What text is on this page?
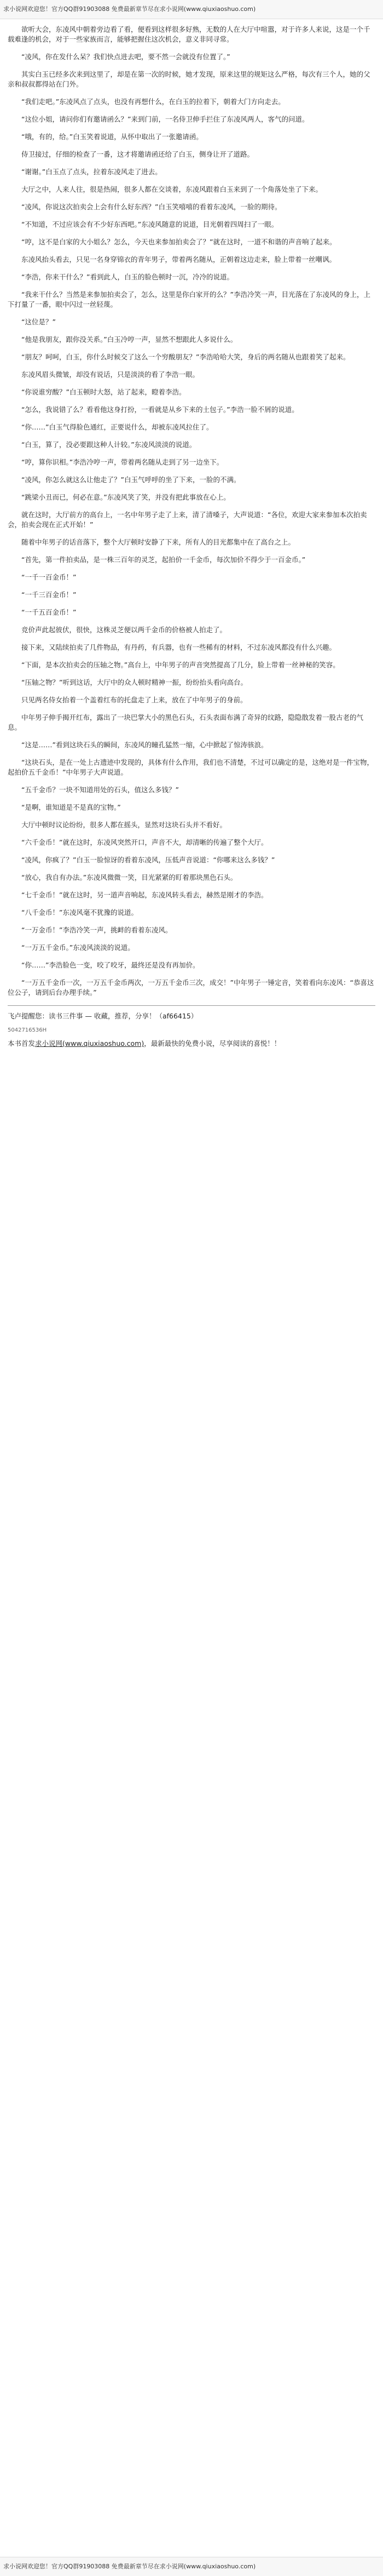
求小说网欢迎您！官方QQ群91903088 免费最新章节尽在求小说网(www.qiuxiaoshuo.com)

欲听大会，东凌风中朝着旁边看了看，便看到这样很多好熟，无数的人在大厅中喧嚣，对于许多人来说，这是一个千载难逢的机会，对于一些家族而言，能够把握住这次机会，意义非同寻常。

“凌风，你在发什么呆？我们快点进去吧，要不然一会就没有位置了。”

其实白玉已经多次来到这里了，却是在第一次的时候，她才发现，原来这里的规矩这么严格，每次有三个人，她的父亲和叔叔都得站在门外。

“我们走吧。”东凌风点了点头，也没有再想什么，在白玉的拉着下，朝着大门方向走去。

“这位小姐，请问你们有邀请函么？”来到门前，一名侍卫伸手拦住了东凌风两人，客气的问道。

“哦，有的，给。”白玉笑着说道，从怀中取出了一张邀请函。

侍卫接过，仔细的检查了一番，这才将邀请函还给了白玉，侧身让开了道路。

“谢谢。”白玉点了点头，拉着东凌风走了进去。

大厅之中，人来人往，很是热闹，很多人都在交谈着，东凌风跟着白玉来到了一个角落处坐了下来。

“凌风，你说这次拍卖会上会有什么好东西？”白玉笑嘻嘻的看着东凌风，一脸的期待。

“不知道，不过应该会有不少好东西吧。”东凌风随意的说道，目光朝着四周扫了一眼。

“哼，这不是白家的大小姐么？怎么，今天也来参加拍卖会了？”就在这时，一道不和谐的声音响了起来。

东凌风抬头看去，只见一名身穿锦衣的青年男子，带着两名随从，正朝着这边走来，脸上带着一丝嘲讽。

“李浩，你来干什么？”看到此人，白玉的脸色顿时一沉，冷冷的说道。

“我来干什么？当然是来参加拍卖会了，怎么，这里是你白家开的么？”李浩冷笑一声，目光落在了东凌风的身上，上下打量了一番，眼中闪过一丝轻蔑。

“这位是？”

“他是我朋友，跟你没关系。”白玉冷哼一声，显然不想跟此人多说什么。

“朋友？呵呵，白玉，你什么时候交了这么一个穷酸朋友？”李浩哈哈大笑，身后的两名随从也跟着笑了起来。

东凌风眉头微皱，却没有说话，只是淡淡的看了李浩一眼。

“你说谁穷酸？”白玉顿时大怒，站了起来，瞪着李浩。

“怎么，我说错了么？看看他这身打扮，一看就是从乡下来的土包子。”李浩一脸不屑的说道。

“你……”白玉气得脸色通红，正要说什么，却被东凌风拉住了。

“白玉，算了，没必要跟这种人计较。”东凌风淡淡的说道。

“哼，算你识相。”李浩冷哼一声，带着两名随从走到了另一边坐下。

“凌风，你怎么就这么让他走了？”白玉气呼呼的坐了下来，一脸的不满。

“跳梁小丑而已，何必在意。”东凌风笑了笑，并没有把此事放在心上。

就在这时，大厅前方的高台上，一名中年男子走了上来，清了清嗓子，大声说道：“各位，欢迎大家来参加本次拍卖会，拍卖会现在正式开始！”

随着中年男子的话音落下，整个大厅顿时安静了下来，所有人的目光都集中在了高台之上。

“首先，第一件拍卖品，是一株三百年的灵芝，起拍价一千金币，每次加价不得少于一百金币。”

“一千一百金币！”

“一千三百金币！”

“一千五百金币！”

竞价声此起彼伏，很快，这株灵芝便以两千金币的价格被人拍走了。

接下来，又陆续拍卖了几件物品，有丹药，有兵器，也有一些稀有的材料，不过东凌风都没有什么兴趣。

“下面，是本次拍卖会的压轴之物。”高台上，中年男子的声音突然提高了几分，脸上带着一丝神秘的笑容。

“压轴之物？”听到这话，大厅中的众人顿时精神一振，纷纷抬头看向高台。

只见两名侍女抬着一个盖着红布的托盘走了上来，放在了中年男子的身前。

中年男子伸手揭开红布，露出了一块巴掌大小的黑色石头，石头表面布满了奇异的纹路，隐隐散发着一股古老的气息。

“这是……”看到这块石头的瞬间，东凌风的瞳孔猛然一缩，心中掀起了惊涛骇浪。

“这块石头，是在一处上古遗迹中发现的，具体有什么作用，我们也不清楚，不过可以确定的是，这绝对是一件宝物，起拍价五千金币！”中年男子大声说道。

“五千金币？一块不知道用处的石头，值这么多钱？”

“是啊，谁知道是不是真的宝物。”

大厅中顿时议论纷纷，很多人都在摇头，显然对这块石头并不看好。

“六千金币！”就在这时，东凌风突然开口，声音不大，却清晰的传遍了整个大厅。

“凌风，你疯了？”白玉一脸惊讶的看着东凌风，压低声音说道：“你哪来这么多钱？”

“放心，我自有办法。”东凌风微微一笑，目光紧紧的盯着那块黑色石头。

“七千金币！”就在这时，另一道声音响起，东凌风转头看去，赫然是刚才的李浩。

“八千金币！”东凌风毫不犹豫的说道。

“一万金币！”李浩冷笑一声，挑衅的看着东凌风。

“一万五千金币。”东凌风淡淡的说道。

“你……”李浩脸色一变，咬了咬牙，最终还是没有再加价。

“一万五千金币一次，一万五千金币两次，一万五千金币三次，成交！”中年男子一锤定音，笑着看向东凌风：“恭喜这位公子，请到后台办理手续。”

飞卢提醒您：读书三件事 — 收藏，推荐，分享！（af66415）
5042716536H
本书首发求小说网(www.qiuxiaoshuo.com)，最新最快的免费小说，尽享阅读的喜悦！！
求小说网欢迎您！官方QQ群91903088 免费最新章节尽在求小说网(www.qiuxiaoshuo.com)
